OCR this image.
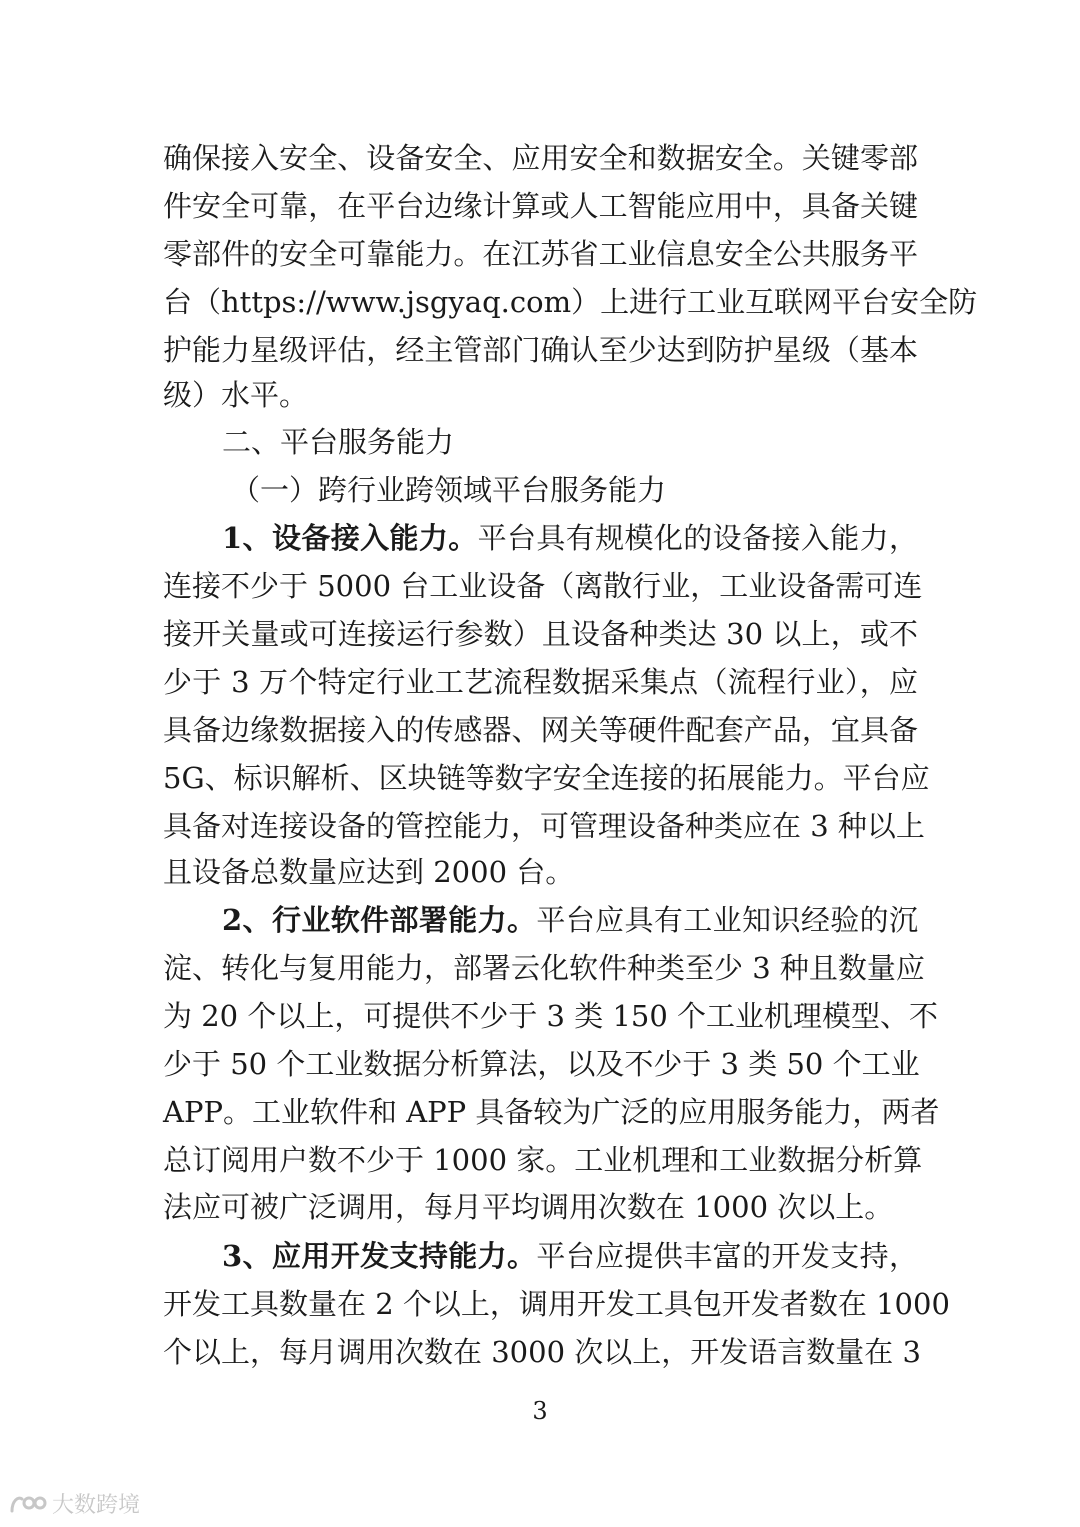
确保接入安全、设备安全、应用安全和数据安全。关键零部
件安全可靠，在平台边缘计算或人工智能应用中，具备关键
零部件的安全可靠能力。在江苏省工业信息安全公共服务平
台（https://www.jsgyaq.com）上进行工业互联网平台安全防
护能力星级评估，经主管部门确认至少达到防护星级（基本
级）水平。
二、平台服务能力
（一）跨行业跨领域平台服务能力
1、设备接入能力。平台具有规模化的设备接入能力，
连接不少于 5000 台工业设备（离散行业，工业设备需可连
接开关量或可连接运行参数）且设备种类达 30 以上，或不
少于 3 万个特定行业工艺流程数据采集点（流程行业），应
具备边缘数据接入的传感器、网关等硬件配套产品，宜具备
5G、标识解析、区块链等数字安全连接的拓展能力。平台应
具备对连接设备的管控能力，可管理设备种类应在 3 种以上
且设备总数量应达到 2000 台。
2、行业软件部署能力。平台应具有工业知识经验的沉
淀、转化与复用能力，部署云化软件种类至少 3 种且数量应
为 20 个以上，可提供不少于 3 类 150 个工业机理模型、不
少于 50 个工业数据分析算法，以及不少于 3 类 50 个工业
APP。工业软件和 APP 具备较为广泛的应用服务能力，两者
总订阅用户数不少于 1000 家。工业机理和工业数据分析算
法应可被广泛调用，每月平均调用次数在 1000 次以上。
3、应用开发支持能力。平台应提供丰富的开发支持，
开发工具数量在 2 个以上，调用开发工具包开发者数在 1000
个以上，每月调用次数在 3000 次以上，开发语言数量在 3
3
大数跨境
